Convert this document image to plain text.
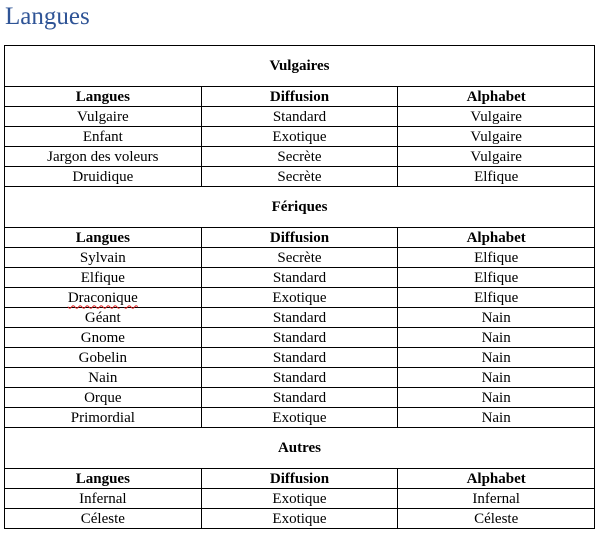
Langues
Vulgaires		
Langues	Diffusion	Alphabet
Vulgaire	Standard	Vulgaire
Enfant	Exotique	Vulgaire
Jargon des voleurs	Secrète	Vulgaire
Druidique	Secrète	Elfique
Fériques		
Langues	Diffusion	Alphabet
Sylvain	Secrète	Elfique
Elfique	Standard	Elfique
Draconique	Exotique	Elfique
Géant	Standard	Nain
Gnome	Standard	Nain
Gobelin	Standard	Nain
Nain	Standard	Nain
Orque	Standard	Nain
Primordial	Exotique	Nain
Autres		
Langues	Diffusion	Alphabet
Infernal	Exotique	Infernal
Céleste	Exotique	Céleste
